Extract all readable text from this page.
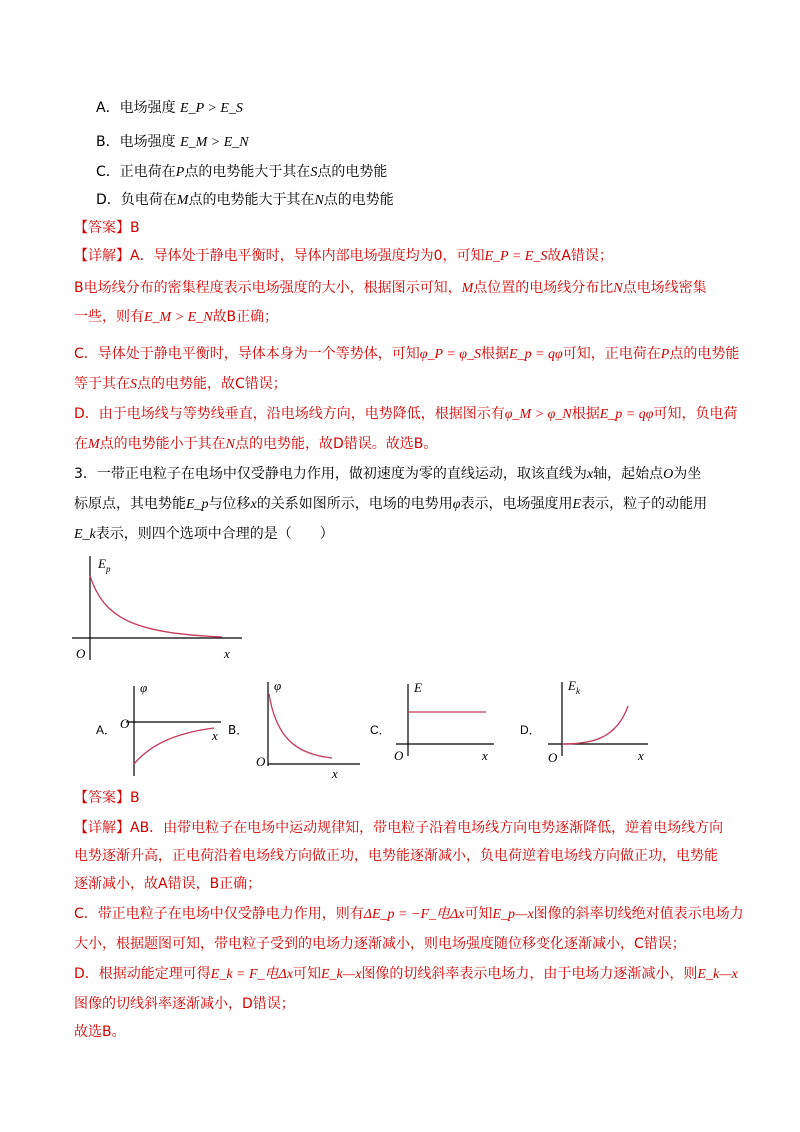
A．电场强度 E_P > E_S
B．电场强度 E_M > E_N
C．正电荷在P点的电势能大于其在S点的电势能
D．负电荷在M点的电势能大于其在N点的电势能
【答案】B
【详解】A．导体处于静电平衡时，导体内部电场强度均为0，可知E_P = E_S故A错误；
B电场线分布的密集程度表示电场强度的大小，根据图示可知，M点位置的电场线分布比N点电场线密集
一些，则有E_M > E_N故B正确；
C．导体处于静电平衡时，导体本身为一个等势体，可知φ_P = φ_S根据E_p = qφ可知，正电荷在P点的电势能
等于其在S点的电势能，故C错误；
D．由于电场线与等势线垂直，沿电场线方向，电势降低，根据图示有φ_M > φ_N根据E_p = qφ可知，负电荷
在M点的电势能小于其在N点的电势能，故D错误。故选B。
3．一带正电粒子在电场中仅受静电力作用，做初速度为零的直线运动，取该直线为x轴，起始点O为坐
标原点，其电势能E_p与位移x的关系如图所示，电场的电势用φ表示，电场强度用E表示，粒子的动能用
E_k表示，则四个选项中合理的是（　　）
$E_p$
O	x
A．
φ
O
x B．
φ
O
x
C．
E
O	x
D．
$E_k$
O	x
【答案】B
【详解】AB．由带电粒子在电场中运动规律知，带电粒子沿着电场线方向电势逐渐降低，逆着电场线方向
电势逐渐升高，正电荷沿着电场线方向做正功，电势能逐渐减小，负电荷逆着电场线方向做正功，电势能
逐渐减小，故A错误，B正确；
C．带正电粒子在电场中仅受静电力作用，则有ΔE_p = −F_电Δx可知E_p—x图像的斜率切线绝对值表示电场力
大小，根据题图可知，带电粒子受到的电场力逐渐减小，则电场强度随位移变化逐渐减小，C错误；
D．根据动能定理可得E_k = F_电Δx可知E_k—x图像的切线斜率表示电场力，由于电场力逐渐减小，则E_k—x
图像的切线斜率逐渐减小，D错误；
故选B。
